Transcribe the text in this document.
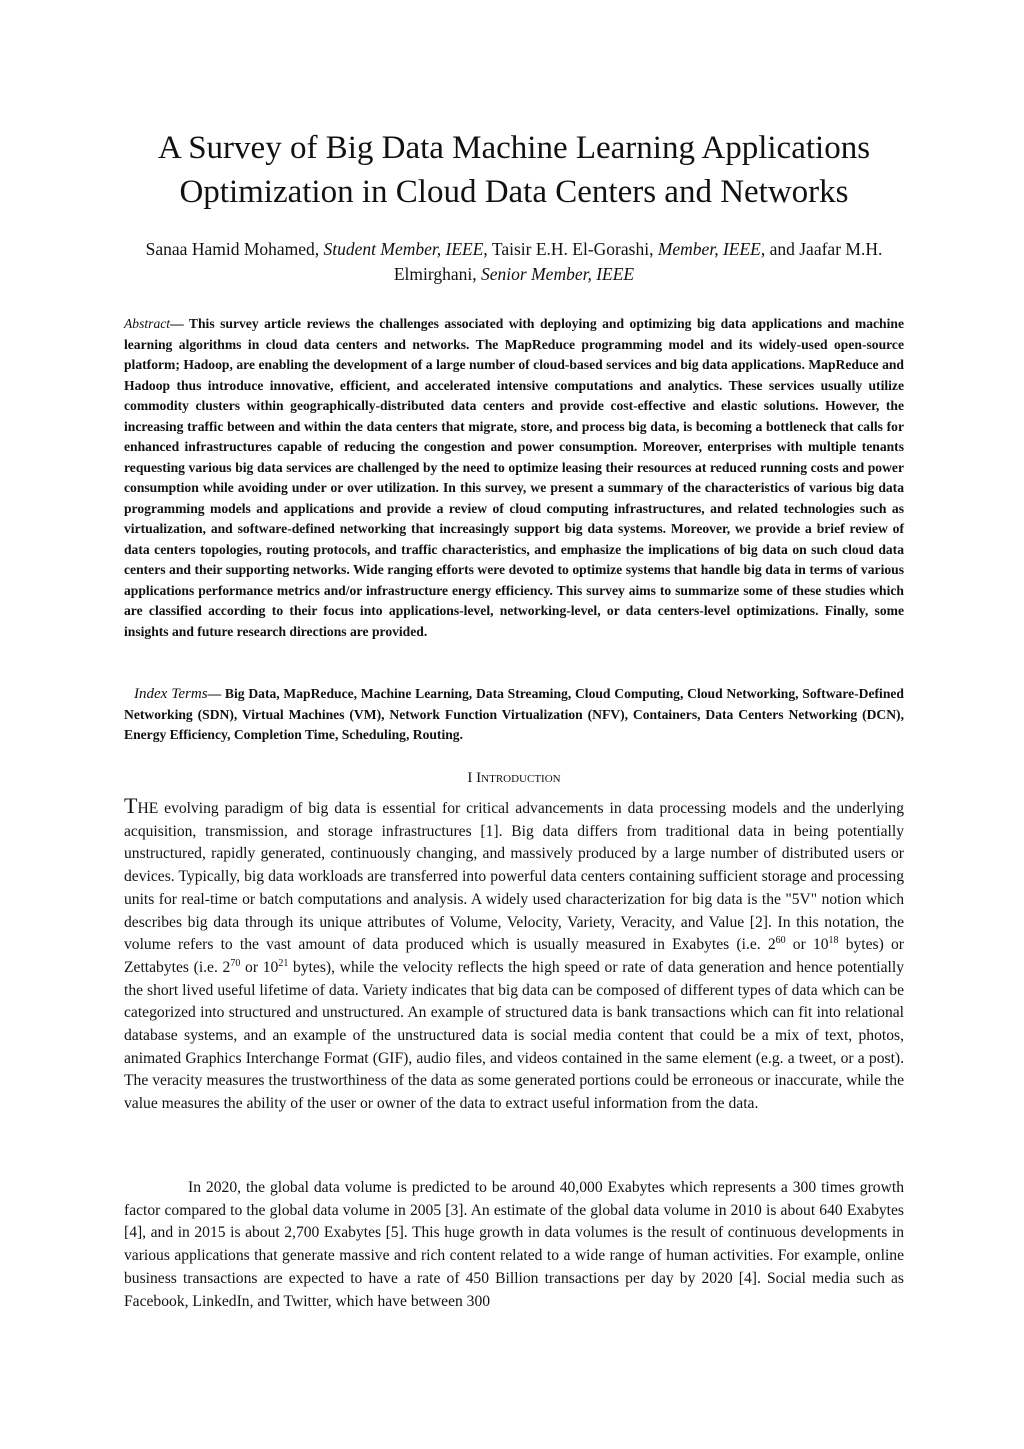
A Survey of Big Data Machine Learning Applications
Optimization in Cloud Data Centers and Networks
Sanaa Hamid Mohamed, Student Member, IEEE, Taisir E.H. El-Gorashi, Member, IEEE, and Jaafar M.H. Elmirghani, Senior Member, IEEE
Abstract— This survey article reviews the challenges associated with deploying and optimizing big data applications and machine learning algorithms in cloud data centers and networks. The MapReduce programming model and its widely-used open-source platform; Hadoop, are enabling the development of a large number of cloud-based services and big data applications. MapReduce and Hadoop thus introduce innovative, efficient, and accelerated intensive computations and analytics. These services usually utilize commodity clusters within geographically-distributed data centers and provide cost-effective and elastic solutions. However, the increasing traffic between and within the data centers that migrate, store, and process big data, is becoming a bottleneck that calls for enhanced infrastructures capable of reducing the congestion and power consumption. Moreover, enterprises with multiple tenants requesting various big data services are challenged by the need to optimize leasing their resources at reduced running costs and power consumption while avoiding under or over utilization. In this survey, we present a summary of the characteristics of various big data programming models and applications and provide a review of cloud computing infrastructures, and related technologies such as virtualization, and software-defined networking that increasingly support big data systems. Moreover, we provide a brief review of data centers topologies, routing protocols, and traffic characteristics, and emphasize the implications of big data on such cloud data centers and their supporting networks. Wide ranging efforts were devoted to optimize systems that handle big data in terms of various applications performance metrics and/or infrastructure energy efficiency. This survey aims to summarize some of these studies which are classified according to their focus into applications-level, networking-level, or data centers-level optimizations. Finally, some insights and future research directions are provided.
Index Terms— Big Data, MapReduce, Machine Learning, Data Streaming, Cloud Computing, Cloud Networking, Software-Defined Networking (SDN), Virtual Machines (VM), Network Function Virtualization (NFV), Containers, Data Centers Networking (DCN), Energy Efficiency, Completion Time, Scheduling, Routing.
I Introduction

THE evolving paradigm of big data is essential for critical advancements in data processing models and the underlying acquisition, transmission, and storage infrastructures [1]. Big data differs from traditional data in being potentially unstructured, rapidly generated, continuously changing, and massively produced by a large number of distributed users or devices. Typically, big data workloads are transferred into powerful data centers containing sufficient storage and processing units for real-time or batch computations and analysis. A widely used characterization for big data is the "5V" notion which describes big data through its unique attributes of Volume, Velocity, Variety, Veracity, and Value [2]. In this notation, the volume refers to the vast amount of data produced which is usually measured in Exabytes (i.e. $2^{60}$ or $10^{18}$ bytes) or Zettabytes (i.e. $2^{70}$ or $10^{21}$ bytes), while the velocity reflects the high speed or rate of data generation and hence potentially the short lived useful lifetime of data. Variety indicates that big data can be composed of different types of data which can be categorized into structured and unstructured. An example of structured data is bank transactions which can fit into relational database systems, and an example of the unstructured data is social media content that could be a mix of text, photos, animated Graphics Interchange Format (GIF), audio files, and videos contained in the same element (e.g. a tweet, or a post). The veracity measures the trustworthiness of the data as some generated portions could be erroneous or inaccurate, while the value measures the ability of the user or owner of the data to extract useful information from the data.

In 2020, the global data volume is predicted to be around 40,000 Exabytes which represents a 300 times growth factor compared to the global data volume in 2005 [3]. An estimate of the global data volume in 2010 is about 640 Exabytes [4], and in 2015 is about 2,700 Exabytes [5]. This huge growth in data volumes is the result of continuous developments in various applications that generate massive and rich content related to a wide range of human activities. For example, online business transactions are expected to have a rate of 450 Billion transactions per day by 2020 [4]. Social media such as Facebook, LinkedIn, and Twitter, which have between 300
